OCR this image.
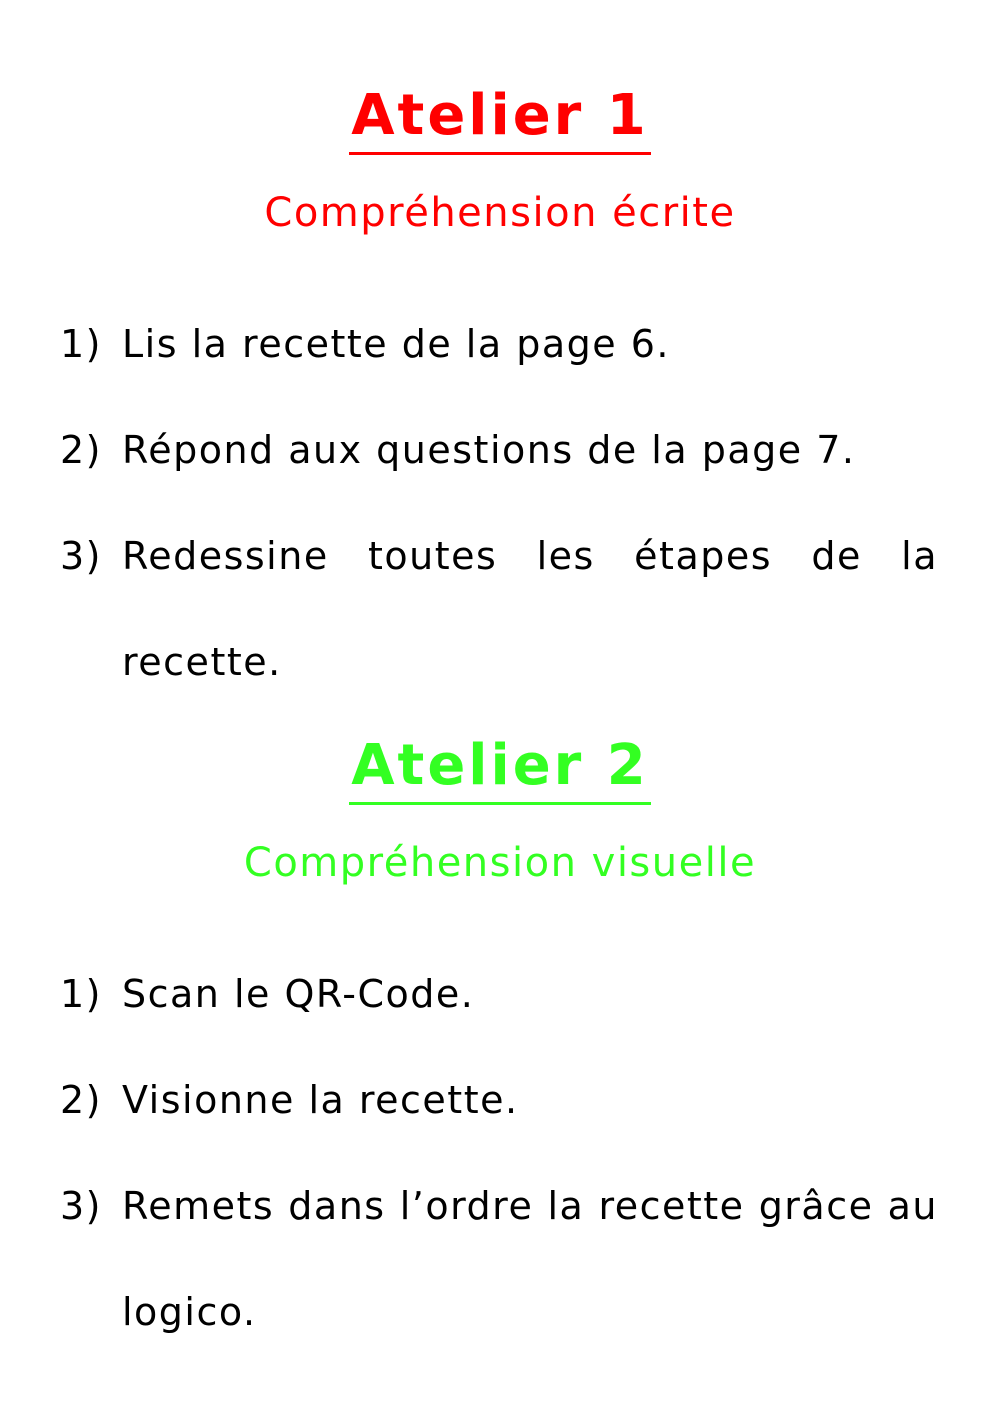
Atelier 1
Compréhension écrite
1) Lis la recette de la page 6.
2) Répond aux questions de la page 7.
3) Redessine toutes les étapes de la recette.
Atelier 2
Compréhension visuelle
1) Scan le QR-Code.
2) Visionne la recette.
3) Remets dans l’ordre la recette grâce au logico.
